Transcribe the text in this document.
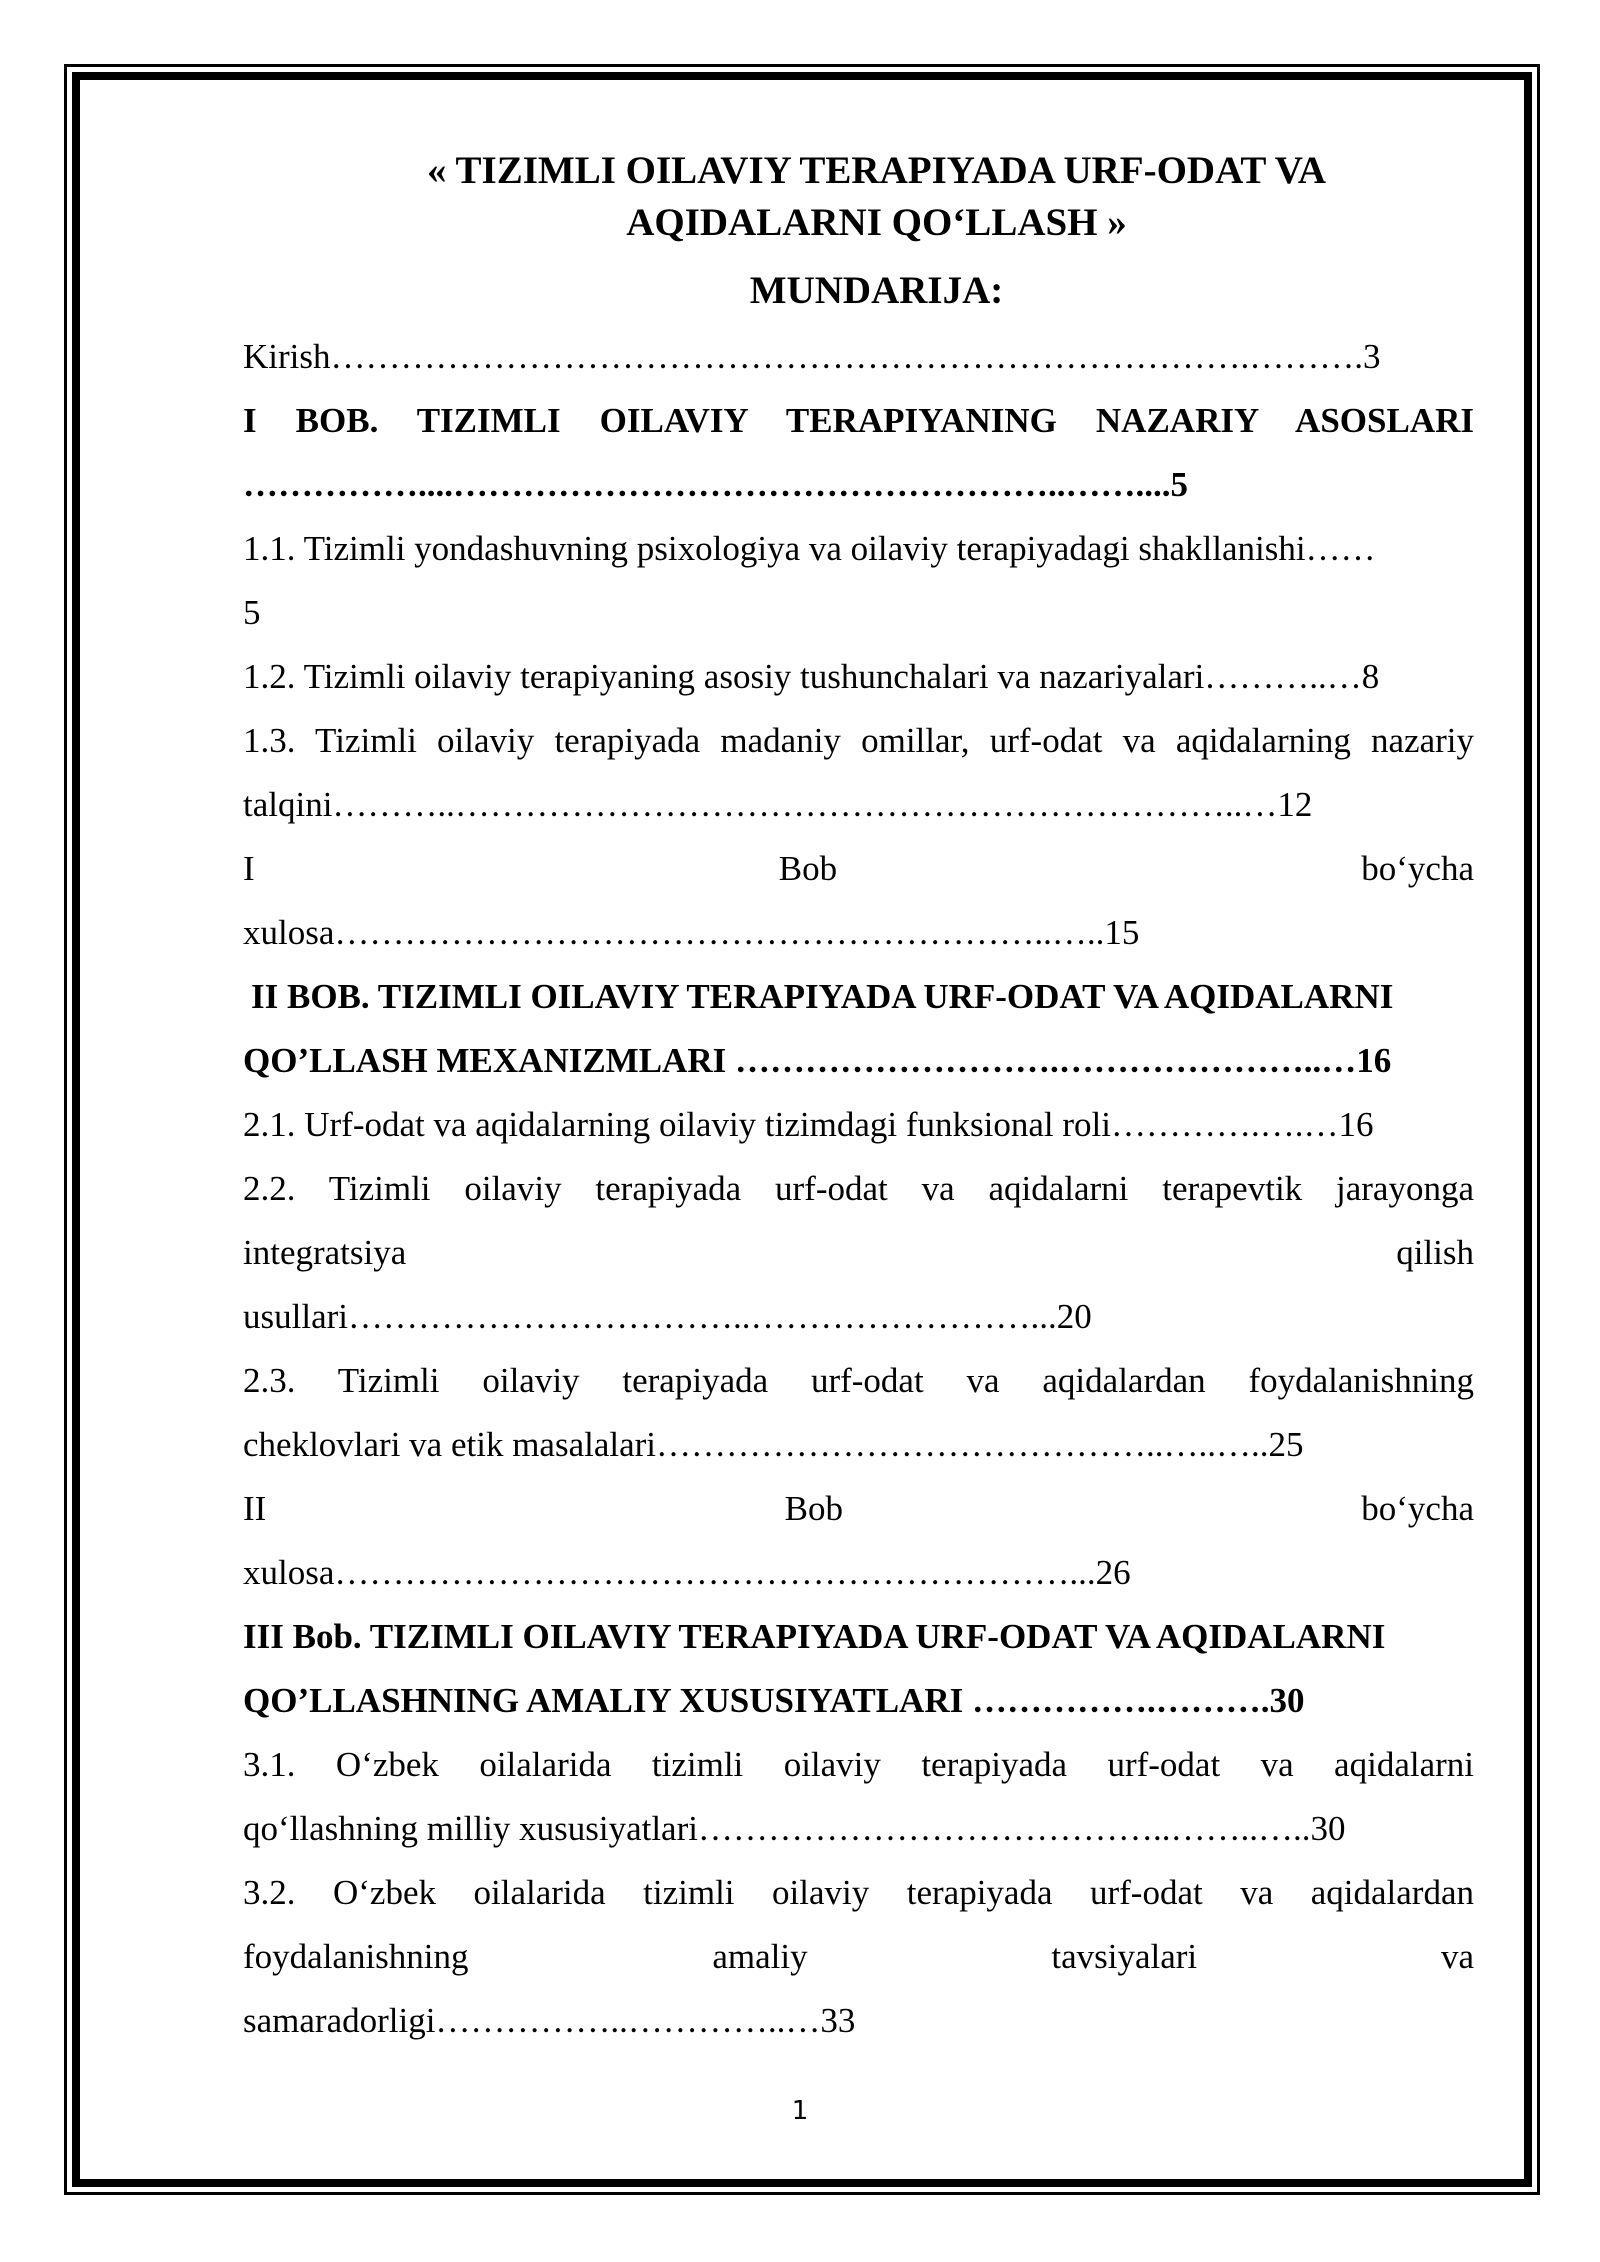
« TIZIMLI OILAVIY TERAPIYADA URF-ODAT VA
AQIDALARNI QO‘LLASH »
MUNDARIJA:
Kirish…………………………………………………………………….……….3
I BOB. TIZIMLI OILAVIY TERAPIYANING NAZARIY ASOSLARI
……………....……………………………………………..……....5
1.1. Tizimli yondashuvning psixologiya va oilaviy terapiyadagi shakllanishi……
5
1.2. Tizimli oilaviy terapiyaning asosiy tushunchalari va nazariyalari………..…8
1.3. Tizimli oilaviy terapiyada madaniy omillar, urf-odat va aqidalarning nazariy
talqini………..…………………………………………………………..…12
I	Bob	bo‘ycha
xulosa……………………………………………………..…..15
II BOB. TIZIMLI OILAVIY TERAPIYADA URF-ODAT VA AQIDALARNI
QO’LLASH MEXANIZMLARI ……………………….…………………..…16
2.1. Urf-odat va aqidalarning oilaviy tizimdagi funksional roli………….….…16
2.2. Tizimli oilaviy terapiyada urf-odat va aqidalarni terapevtik jarayonga
integratsiya	qilish
usullari……………………………..……………………...20
2.3. Tizimli oilaviy terapiyada urf-odat va aqidalardan foydalanishning
cheklovlari va etik masalalari……………………………………..…..…..25
II	Bob	bo‘ycha
xulosa………………………………………………………...26
III Bob. TIZIMLI OILAVIY TERAPIYADA URF-ODAT VA AQIDALARNI
QO’LLASHNING AMALIY XUSUSIYATLARI …………….……….30
3.1. O‘zbek oilalarida tizimli oilaviy terapiyada urf-odat va aqidalarni
qo‘llashning milliy xususiyatlari…………………………………..……..…..30
3.2. O‘zbek oilalarida tizimli oilaviy terapiyada urf-odat va aqidalardan
foydalanishning	amaliy	tavsiyalari	va
samaradorligi……………..…………..…33
1
